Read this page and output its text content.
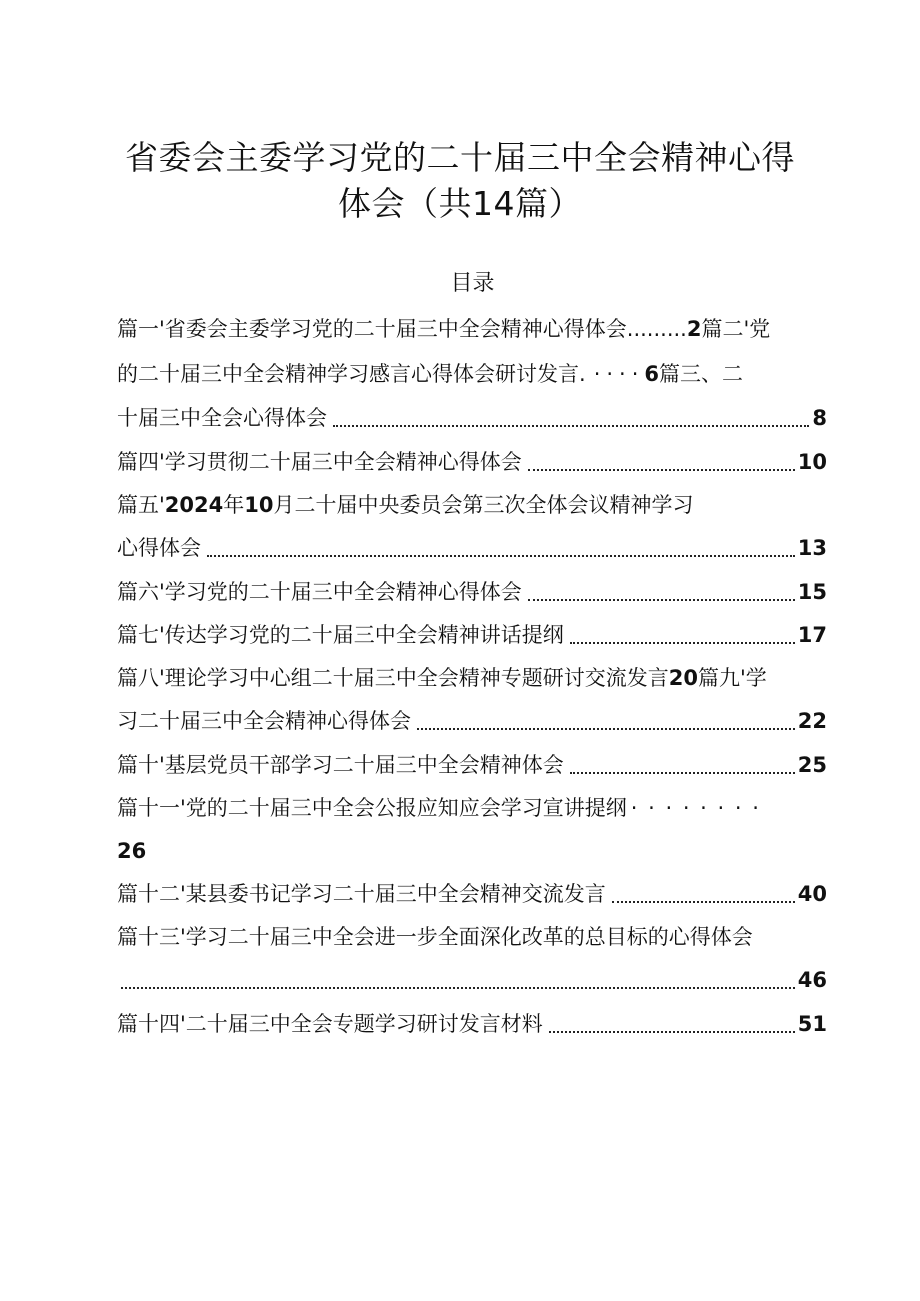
省委会主委学习党的二十届三中全会精神心得
体会（共14篇）
目录
篇一'省委会主委学习党的二十届三中全会精神心得体会......... 2 篇二'党
的二十届三中全会精神学习感言心得体会研讨发言. ···· 6 篇三、二
十届三中全会心得体会	8
篇四'学习贯彻二十届三中全会精神心得体会	10
篇五' 2024 年 10 月二十届中央委员会第三次全体会议精神学习
心得体会	13
篇六'学习党的二十届三中全会精神心得体会	15
篇七'传达学习党的二十届三中全会精神讲话提纲	17
篇八'理论学习中心组二十届三中全会精神专题研讨交流发言 20 篇九'学
习二十届三中全会精神心得体会	22
篇十'基层党员干部学习二十届三中全会精神体会	25
篇十一'党的二十届三中全会公报应知应会学习宣讲提纲 · · · · · · · ·
26
篇十二'某县委书记学习二十届三中全会精神交流发言	40
篇十三'学习二十届三中全会进一步全面深化改革的总目标的心得体会
46
篇十四'二十届三中全会专题学习研讨发言材料	51
